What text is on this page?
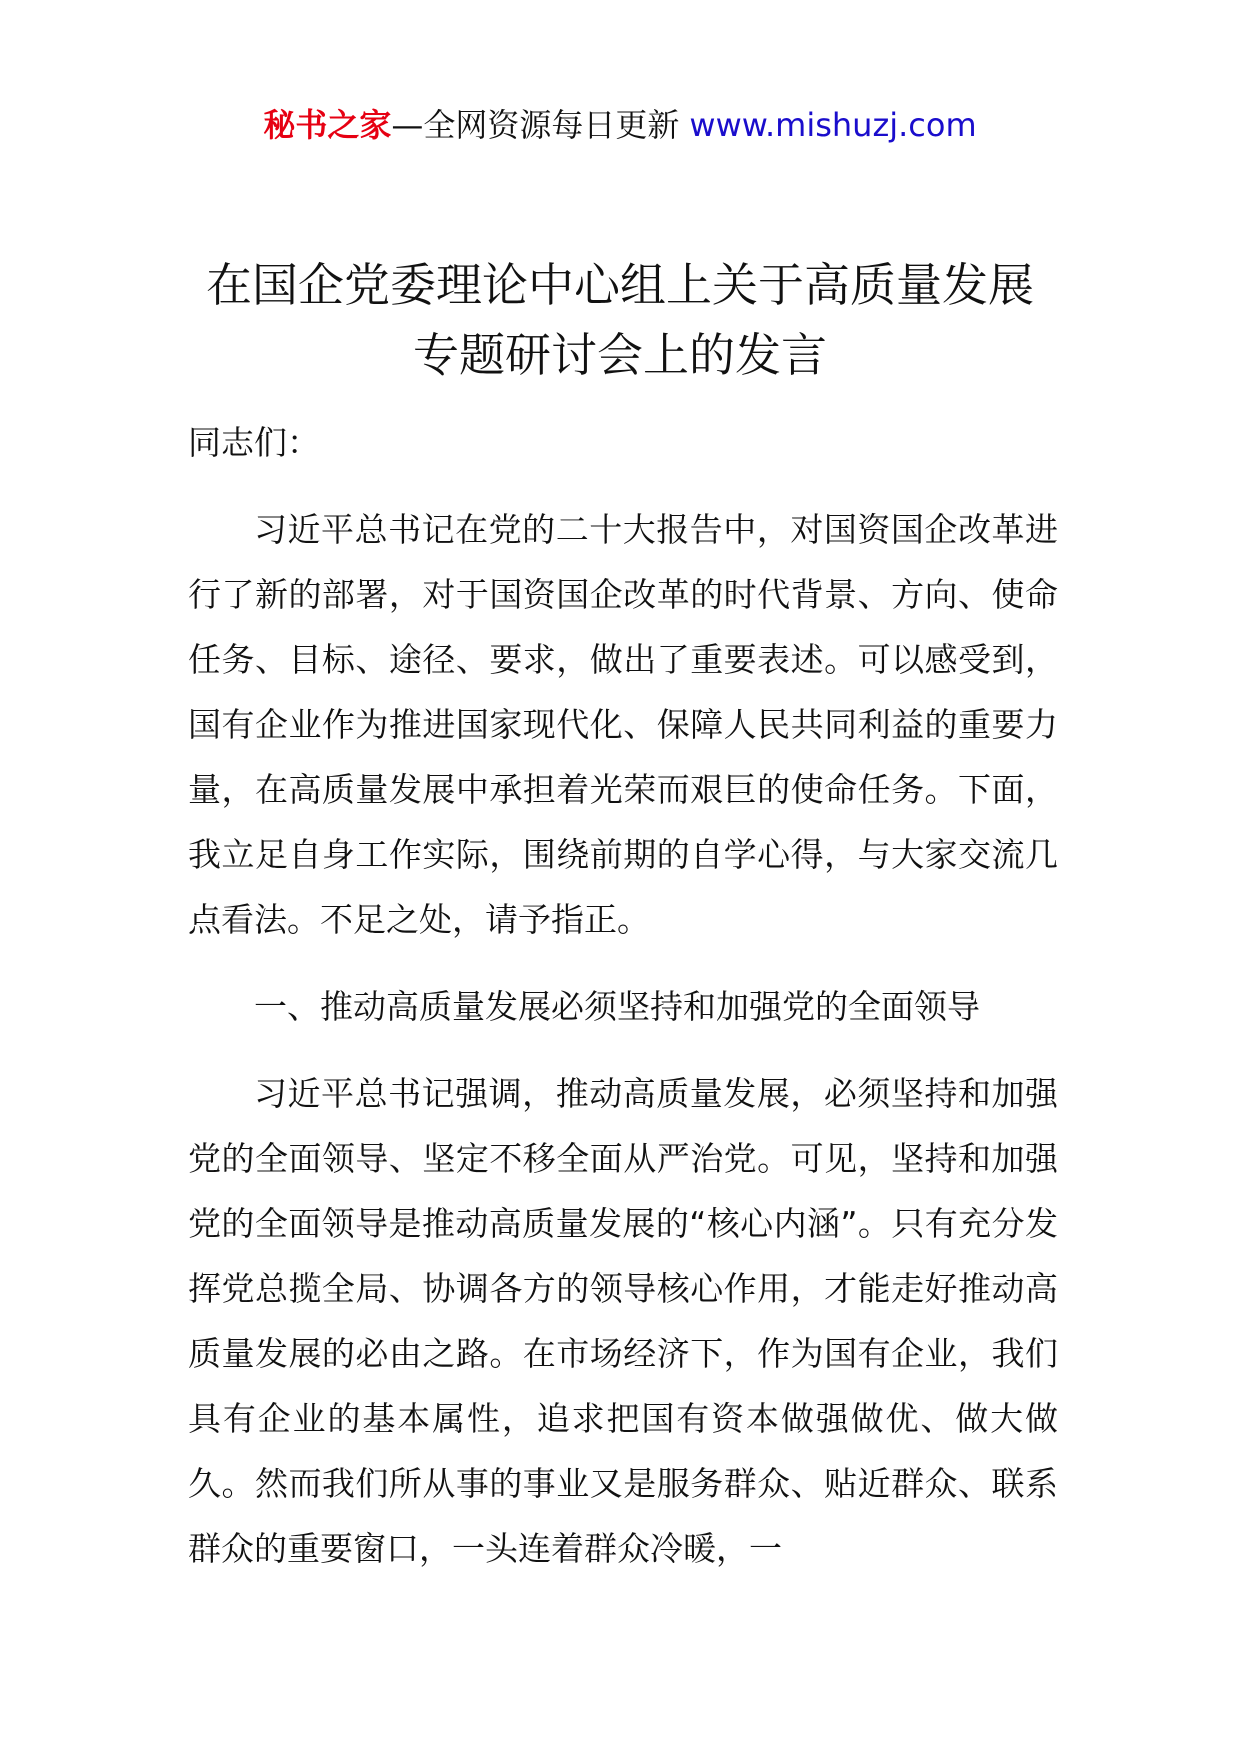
秘书之家—全网资源每日更新 www.mishuzj.com
在国企党委理论中心组上关于高质量发展
专题研讨会上的发言

同志们：

习近平总书记在党的二十大报告中，对国资国企改革进行了新的部署，对于国资国企改革的时代背景、方向、使命任务、目标、途径、要求，做出了重要表述。可以感受到，国有企业作为推进国家现代化、保障人民共同利益的重要力量，在高质量发展中承担着光荣而艰巨的使命任务。下面，我立足自身工作实际，围绕前期的自学心得，与大家交流几点看法。不足之处，请予指正。

一、推动高质量发展必须坚持和加强党的全面领导

习近平总书记强调，推动高质量发展，必须坚持和加强党的全面领导、坚定不移全面从严治党。可见，坚持和加强党的全面领导是推动高质量发展的“核心内涵”。只有充分发挥党总揽全局、协调各方的领导核心作用，才能走好推动高质量发展的必由之路。在市场经济下，作为国有企业，我们具有企业的基本属性，追求把国有资本做强做优、做大做久。然而我们所从事的事业又是服务群众、贴近群众、联系群众的重要窗口，一头连着群众冷暖，一
